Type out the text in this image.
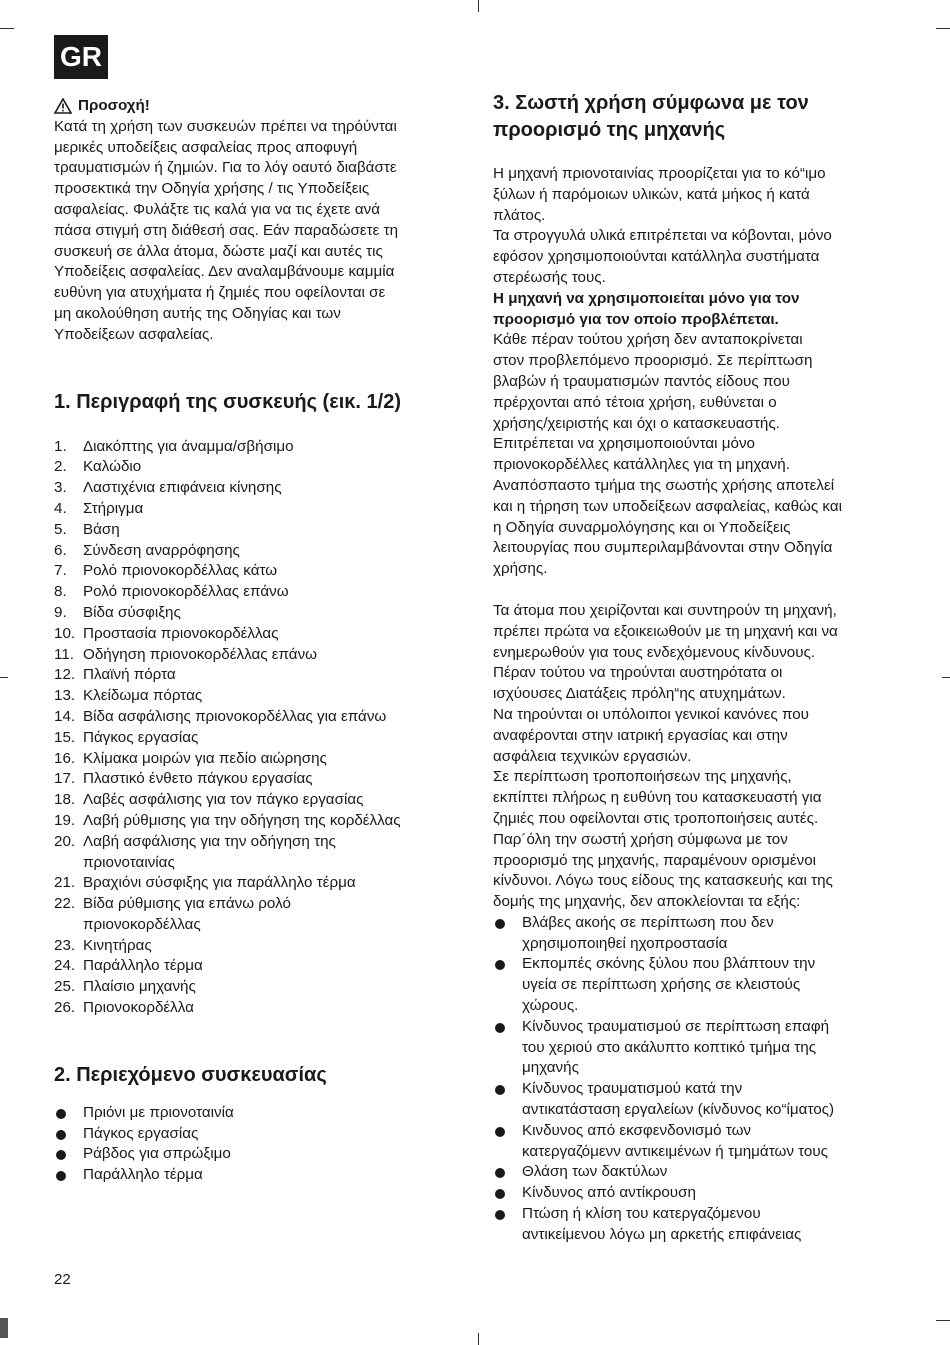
GR
Προσοχή!

Κατά τη χρήση των συσκευών πρέπει να τηρόύνται

μερικές υποδείξεις ασφαλείας προς αποφυγή

τραυματισμών ή ζημιών. Για το λόγ οαυτό διαβάστε

προσεκτικά την Οδηγία χρήσης / τις Υποδείξεις

ασφαλείας. Φυλάξτε τις καλά για να τις έχετε ανά

πάσα στιγμή στη διάθεσή σας. Εάν παραδώσετε τη

συσκευή σε άλλα άτομα, δώστε μαζί και αυτές τις

Υποδείξεις ασφαλείας. Δεν αναλαμβάνουμε καμμία

ευθύνη για ατυχήματα ή ζημιές που οφείλονται σε

μη ακολούθηση αυτής της Οδηγίας και των

Υποδείξεων ασφαλείας.

1. Περιγραφή της συσκευής (εικ. 1/2)
1. Διακόπτης για άναμμα/σβήσιμο
2. Καλώδιο
3. Λαστιχένια επιφάνεια κίνησης
4. Στήριγμα
5. Βάση
6. Σύνδεση αναρρόφησης
7. Ρολό πριονοκορδέλλας κάτω
8. Ρολό πριονοκορδέλλας επάνω
9. Βίδα σύσφιξης
10. Προστασία πριονοκορδέλλας
11. Οδήγηση πριονοκορδέλλας επάνω
12. Πλαϊνή πόρτα
13. Κλείδωμα πόρτας
14. Βίδα ασφάλισης πριονοκορδέλλας για επάνω
15. Πάγκος εργασίας
16. Κλίμακα μοιρών για πεδίο αιώρησης
17. Πλαστικό ένθετο πάγκου εργασίας
18. Λαβές ασφάλισης για τον πάγκο εργασίας
19. Λαβή ρύθμισης για την οδήγηση της κορδέλλας
20. Λαβή ασφάλισης για την οδήγηση της
πριονοταινίας
21. Βραχιόνι σύσφιξης για παράλληλο τέρμα
22. Βίδα ρύθμισης για επάνω ρολό
πριονοκορδέλλας
23. Κινητήρας
24. Παράλληλο τέρμα
25. Πλαίσιο μηχανής
26. Πριονοκορδέλλα
2. Περιεχόμενο συσκευασίας
Πριόνι με πριονοταινία
Πάγκος εργασίας
Ράβδος για σπρώξιμο
Παράλληλο τέρμα
3. Σωστή χρήση σύμφωνα με τον
προορισμό της μηχανής

Η μηχανή πριονοταινίας προορίζεται για το κό“ιμο

ξύλων ή παρόμοιων υλικών, κατά μήκος ή κατά

πλάτος.

Τα στρογγυλά υλικά επιτρέπεται να κόβονται, μόνο

εφόσον χρησιμοποιούνται κατάλληλα συστήματα

στερέωσής τους.

Η μηχανή να χρησιμοποιείται μόνο για τον

προορισμό για τον οποίο προβλέπεται.

Κάθε πέραν τούτου χρήση δεν ανταποκρίνεται

στον προβλεπόμενο προορισμό. Σε περίπτωση

βλαβών ή τραυματισμών παντός είδους που

πρέρχονται από τέτοια χρήση, ευθύνεται ο

χρήσης/χειριστής και όχι ο κατασκευαστής.

Επιτρέπεται να χρησιμοποιούνται μόνο

πριονοκορδέλλες κατάλληλες για τη μηχανή.

Αναπόσπαστο τμήμα της σωστής χρήσης αποτελεί

και η τήρηση των υποδείξεων ασφαλείας, καθώς και

η Οδηγία συναρμολόγησης και οι Υποδείξεις

λειτουργίας που συμπεριλαμβάνονται στην Οδηγία

χρήσης.

Τα άτομα που χειρίζονται και συντηρούν τη μηχανή,

πρέπει πρώτα να εξοικειωθούν με τη μηχανή και να

ενημερωθούν για τους ενδεχόμενους κίνδυνους.

Πέραν τούτου να τηρούνται αυστηρότατα οι

ισχύουσες Διατάξεις πρόλη“ης ατυχημάτων.

Να τηρούνται οι υπόλοιποι γενικοί κανόνες που

αναφέρονται στην ιατρική εργασίας και στην

ασφάλεια τεχνικών εργασιών.

Σε περίπτωση τροποποιήσεων της μηχανής,

εκπίπτει πλήρως η ευθύνη του κατασκευαστή για

ζημιές που οφείλονται στις τροποποιήσεις αυτές.

Παρ´όλη την σωστή χρήση σύμφωνα με τον

προορισμό της μηχανής, παραμένουν ορισμένοι

κίνδυνοι. Λόγω τους είδους της κατασκευής και της

δομής της μηχανής, δεν αποκλείονται τα εξής:

Βλάβες ακοής σε περίπτωση που δεν
χρησιμοποιηθεί ηχοπροστασία
Εκπομπές σκόνης ξύλου που βλάπτουν την
υγεία σε περίπτωση χρήσης σε κλειστούς
χώρους.
Κίνδυνος τραυματισμού σε περίπτωση επαφή
του χεριού στο ακάλυπτο κοπτικό τμήμα της
μηχανής
Κίνδυνος τραυματισμού κατά την
αντικατάσταση εργαλείων (κίνδυνος κο“ίματος)
Κινδυνος από εκσφενδονισμό των
κατεργαζόμενν αντικειμένων ή τμημάτων τους
Θλάση των δακτύλων
Κίνδυνος από αντίκρουση
Πτώση ή κλίση του κατεργαζόμενου
αντικείμενου λόγω μη αρκετής επιφάνειας
22
